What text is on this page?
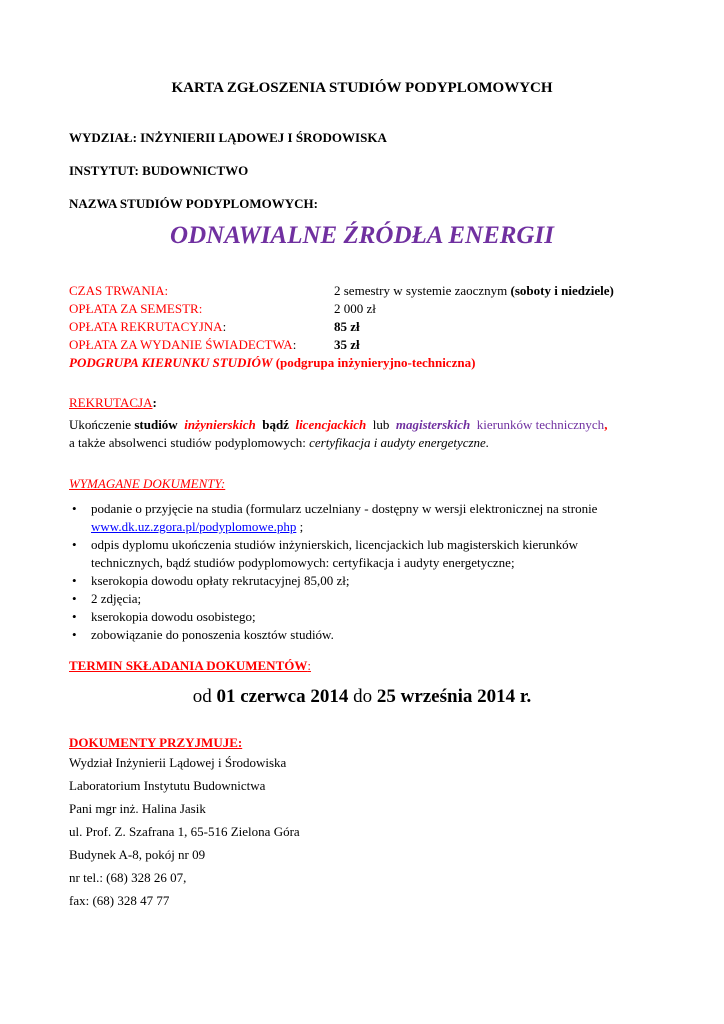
KARTA ZGŁOSZENIA STUDIÓW PODYPLOMOWYCH
WYDZIAŁ: INŻYNIERII LĄDOWEJ I ŚRODOWISKA
INSTYTUT: BUDOWNICTWO
NAZWA STUDIÓW PODYPLOMOWYCH:
ODNAWIALNE ŹRÓDŁA ENERGII
CZAS TRWANIA:	2 semestry w systemie zaocznym (soboty i niedziele)
OPŁATA ZA SEMESTR:	2 000 zł
OPŁATA REKRUTACYJNA:	85 zł
OPŁATA ZA WYDANIE ŚWIADECTWA:	35 zł
PODGRUPA KIERUNKU STUDIÓW (podgrupa inżynieryjno-techniczna)
REKRUTACJA:
Ukończenie studiów inżynierskich bądź licencjackich lub magisterskich kierunków technicznych,
a także absolwenci studiów podyplomowych: certyfikacja i audyty energetyczne.
WYMAGANE DOKUMENTY:
• podanie o przyjęcie na studia (formularz uczelniany - dostępny w wersji elektronicznej na stronie
www.dk.uz.zgora.pl/podyplomowe.php ;
• odpis dyplomu ukończenia studiów inżynierskich, licencjackich lub magisterskich kierunków
technicznych, bądź studiów podyplomowych: certyfikacja i audyty energetyczne;
• kserokopia dowodu opłaty rekrutacyjnej 85,00 zł;
• 2 zdjęcia;
• kserokopia dowodu osobistego;
• zobowiązanie do ponoszenia kosztów studiów.
TERMIN SKŁADANIA DOKUMENTÓW:
od 01 czerwca 2014 do 25 września 2014 r.
DOKUMENTY PRZYJMUJE:
Wydział Inżynierii Lądowej i Środowiska
Laboratorium Instytutu Budownictwa
Pani mgr inż. Halina Jasik
ul. Prof. Z. Szafrana 1, 65-516 Zielona Góra
Budynek A-8, pokój nr 09
nr tel.: (68) 328 26 07,
fax: (68) 328 47 77
